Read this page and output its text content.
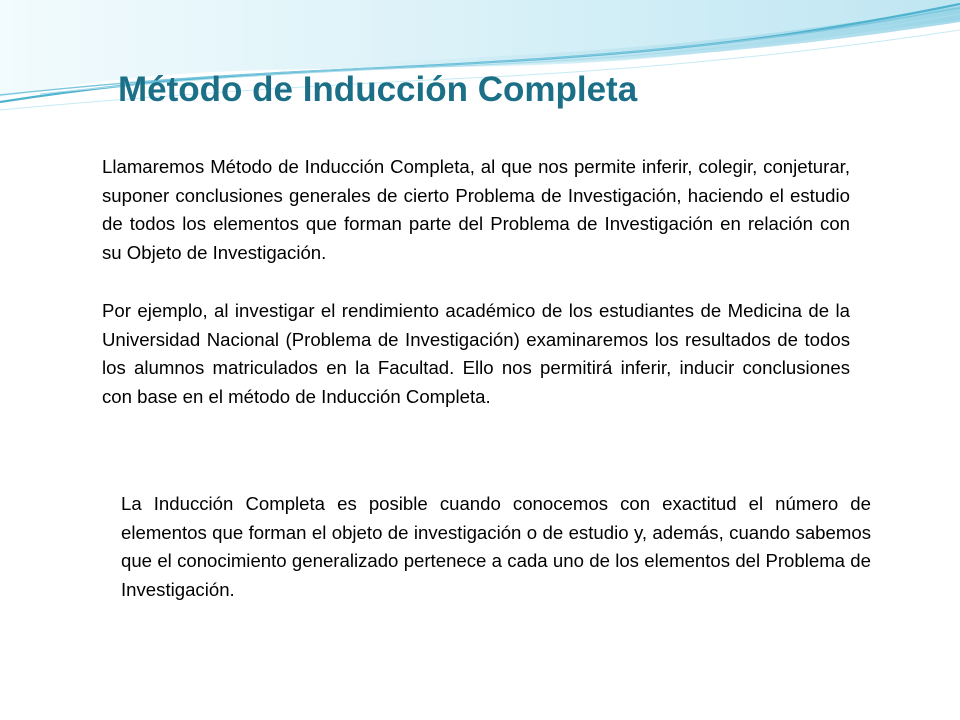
Método de Inducción Completa

Llamaremos Método de Inducción Completa, al que nos permite inferir, colegir, conjeturar, suponer conclusiones generales de cierto Problema de Investigación, haciendo el estudio de todos los elementos que forman parte del Problema de Investigación en relación con su Objeto de Investigación.

Por ejemplo, al investigar el rendimiento académico de los estudiantes de Medicina de la Universidad Nacional (Problema de Investigación) examinaremos los resultados de todos los alumnos matriculados en la Facultad. Ello nos permitirá inferir, inducir conclusiones con base en el método de Inducción Completa.

La Inducción Completa es posible cuando conocemos con exactitud el número de elementos que forman el objeto de investigación o de estudio y, además, cuando sabemos que el conocimiento generalizado pertenece a cada uno de los elementos del Problema de Investigación.
